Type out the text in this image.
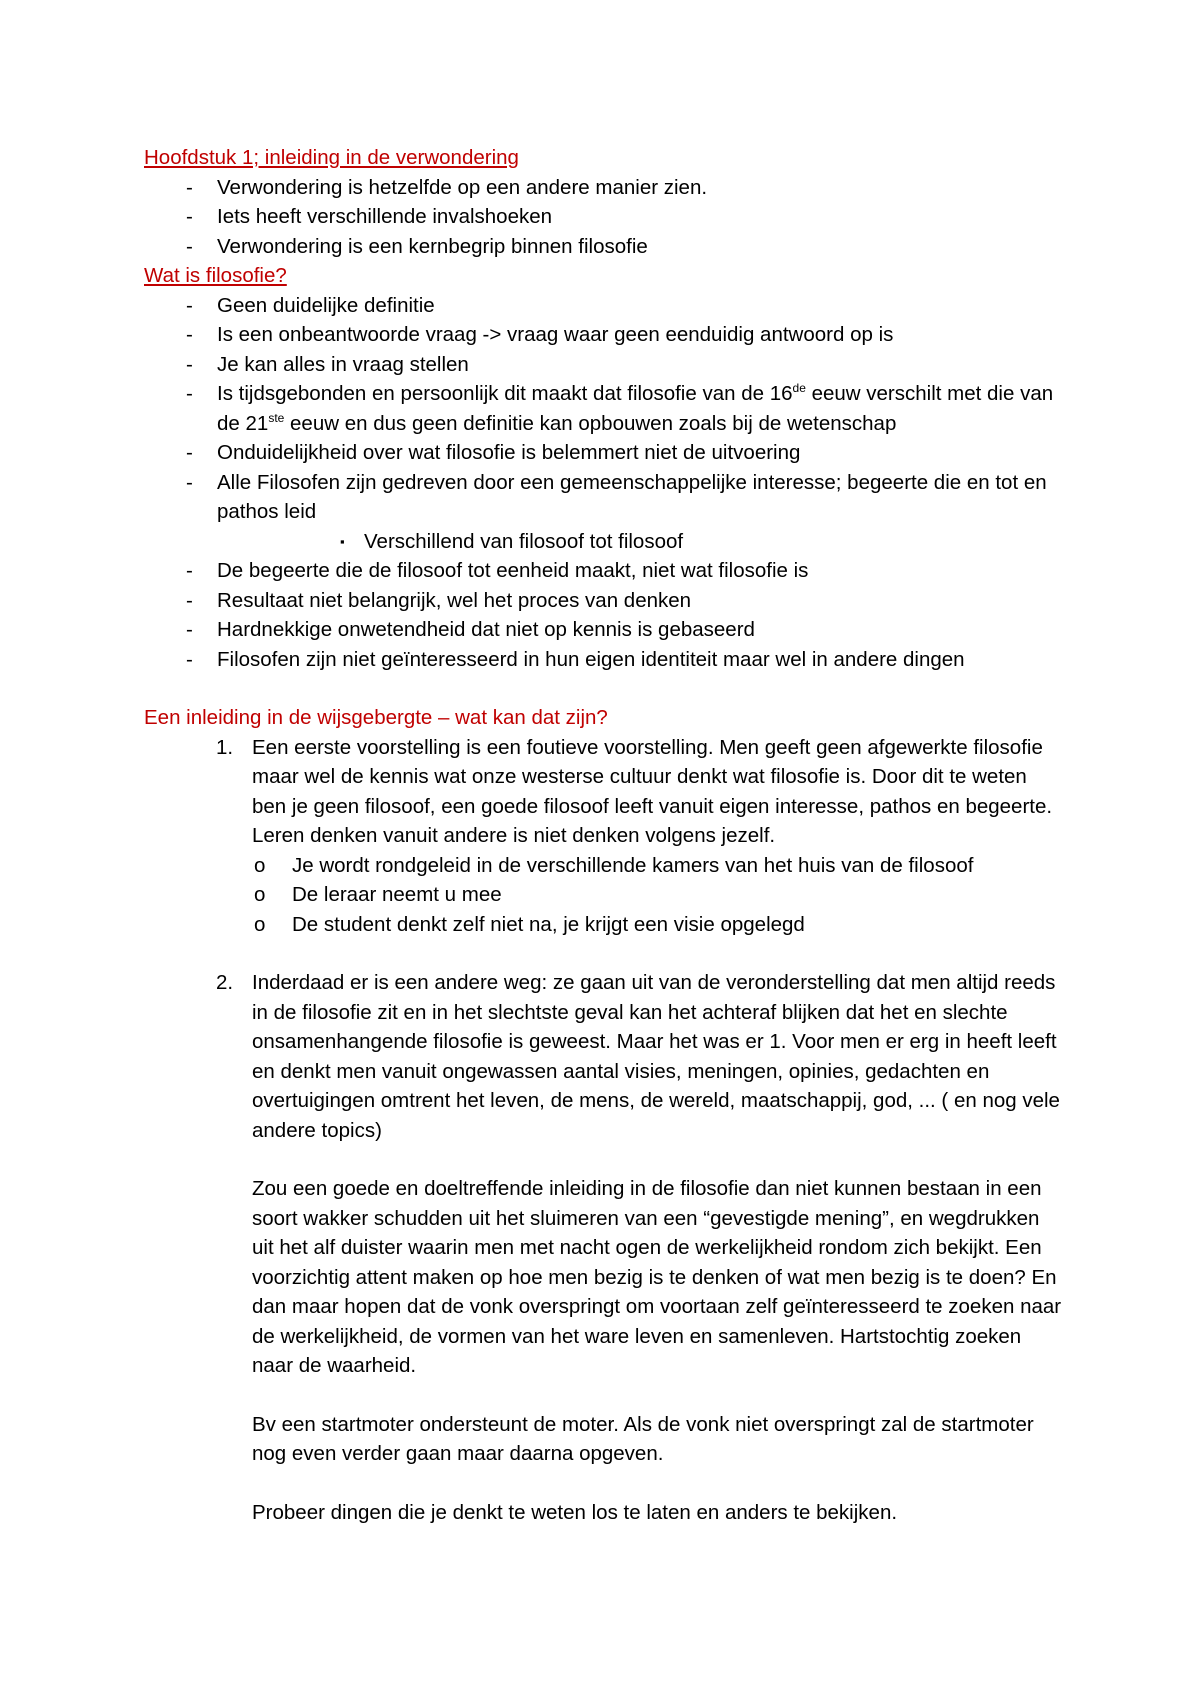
Hoofdstuk 1; inleiding in de verwondering
- Verwondering is hetzelfde op een andere manier zien.
- Iets heeft verschillende invalshoeken
- Verwondering is een kernbegrip binnen filosofie
Wat is filosofie?
- Geen duidelijke definitie
- Is een onbeantwoorde vraag -> vraag waar geen eenduidig antwoord op is
- Je kan alles in vraag stellen
- Is tijdsgebonden en persoonlijk dit maakt dat filosofie van de 16de eeuw verschilt met die van de 21ste eeuw en dus geen definitie kan opbouwen zoals bij de wetenschap
- Onduidelijkheid over wat filosofie is belemmert niet de uitvoering
- Alle Filosofen zijn gedreven door een gemeenschappelijke interesse; begeerte die en tot en pathos leid
▪ Verschillend van filosoof tot filosoof
- De begeerte die de filosoof tot eenheid maakt, niet wat filosofie is
- Resultaat niet belangrijk, wel het proces van denken
- Hardnekkige onwetendheid dat niet op kennis is gebaseerd
- Filosofen zijn niet geïnteresseerd in hun eigen identiteit maar wel in andere dingen
Een inleiding in de wijsgebergte – wat kan dat zijn?
1. Een eerste voorstelling is een foutieve voorstelling. Men geeft geen afgewerkte filosofie maar wel de kennis wat onze westerse cultuur denkt wat filosofie is. Door dit te weten ben je geen filosoof, een goede filosoof leeft vanuit eigen interesse, pathos en begeerte. Leren denken vanuit andere is niet denken volgens jezelf.
o Je wordt rondgeleid in de verschillende kamers van het huis van de filosoof
o De leraar neemt u mee
o De student denkt zelf niet na, je krijgt een visie opgelegd
2. Inderdaad er is een andere weg: ze gaan uit van de veronderstelling dat men altijd reeds in de filosofie zit en in het slechtste geval kan het achteraf blijken dat het en slechte onsamenhangende filosofie is geweest. Maar het was er 1. Voor men er erg in heeft leeft en denkt men vanuit ongewassen aantal visies, meningen, opinies, gedachten en overtuigingen omtrent het leven, de mens, de wereld, maatschappij, god, ... ( en nog vele andere topics)
Zou een goede en doeltreffende inleiding in de filosofie dan niet kunnen bestaan in een soort wakker schudden uit het sluimeren van een “gevestigde mening”, en wegdrukken uit het alf duister waarin men met nacht ogen de werkelijkheid rondom zich bekijkt. Een voorzichtig attent maken op hoe men bezig is te denken of wat men bezig is te doen? En dan maar hopen dat de vonk overspringt om voortaan zelf geïnteresseerd te zoeken naar de werkelijkheid, de vormen van het ware leven en samenleven. Hartstochtig zoeken naar de waarheid.
Bv een startmoter ondersteunt de moter. Als de vonk niet overspringt zal de startmoter nog even verder gaan maar daarna opgeven.
Probeer dingen die je denkt te weten los te laten en anders te bekijken.
